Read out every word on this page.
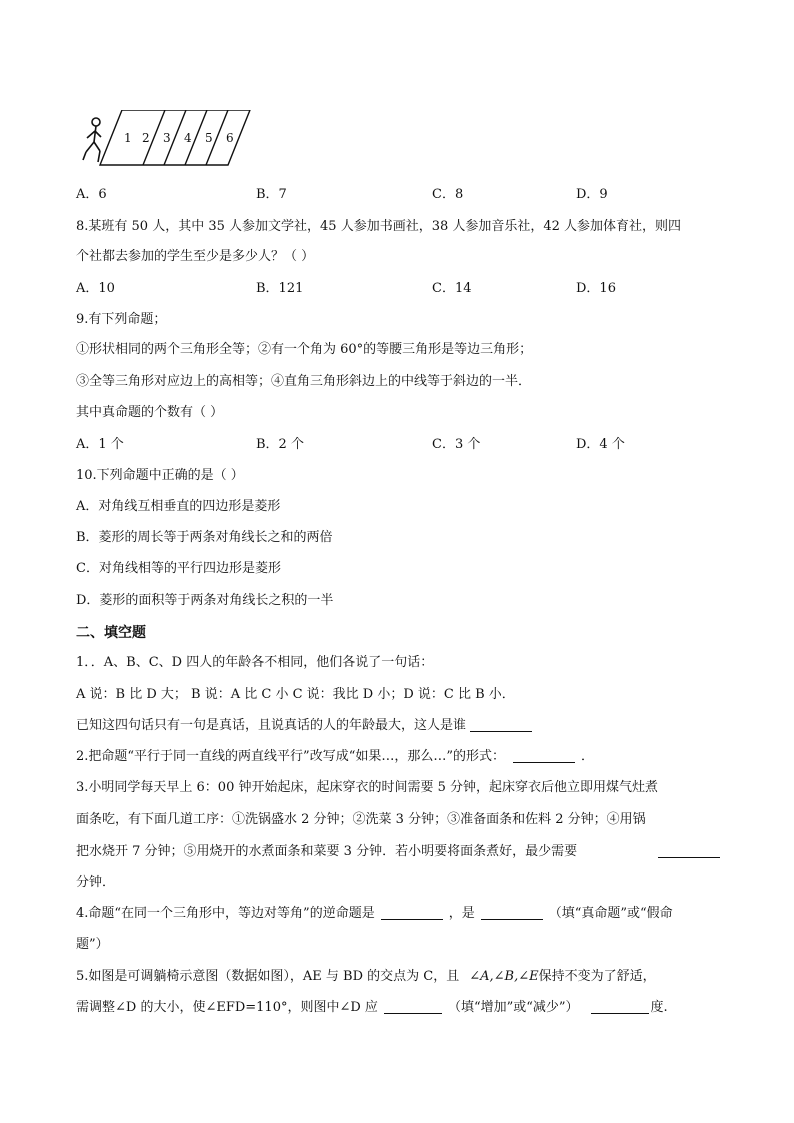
1 2 3 4 5 6
A．6	B．7	C．8	D．9
8.某班有 50 人，其中 35 人参加文学社，45 人参加书画社，38 人参加音乐社，42 人参加体育社，则四
个社都去参加的学生至少是多少人？（ ）
A．10	B．121	C．14	D．16
9.有下列命题；
①形状相同的两个三角形全等；②有一个角为 60°的等腰三角形是等边三角形；
③全等三角形对应边上的高相等；④直角三角形斜边上的中线等于斜边的一半．
其中真命题的个数有（ ）
A．1 个	B．2 个	C．3 个	D．4 个
10.下列命题中正确的是（ ）
A．对角线互相垂直的四边形是菱形
B．菱形的周长等于两条对角线长之和的两倍
C．对角线相等的平行四边形是菱形
D．菱形的面积等于两条对角线长之积的一半
二、填空题
1．．A、B、C、D 四人的年龄各不相同，他们各说了一句话：
A 说：B 比 D 大； B 说：A 比 C 小 C 说：我比 D 小；D 说：C 比 B 小．
已知这四句话只有一句是真话，且说真话的人的年龄最大，这人是谁
2.把命题“平行于同一直线的两直线平行”改写成“如果…，那么…”的形式：	．
3.小明同学每天早上 6：00 钟开始起床，起床穿衣的时间需要 5 分钟，起床穿衣后他立即用煤气灶煮
面条吃，有下面几道工序：①洗锅盛水 2 分钟；②洗菜 3 分钟；③准备面条和佐料 2 分钟；④用锅
把水烧开 7 分钟；⑤用烧开的水煮面条和菜要 3 分钟．若小明要将面条煮好，最少需要
分钟．
4.命题“在同一个三角形中，等边对等角”的逆命题是	，是	（填“真命题”或“假命
题”）
5.如图是可调躺椅示意图（数据如图），AE 与 BD 的交点为 C，且 ∠A,∠B,∠E保持不变为了舒适，
需调整∠D 的大小，使∠EFD=110°，则图中∠D 应	（填“增加”或“减少”）	度.
